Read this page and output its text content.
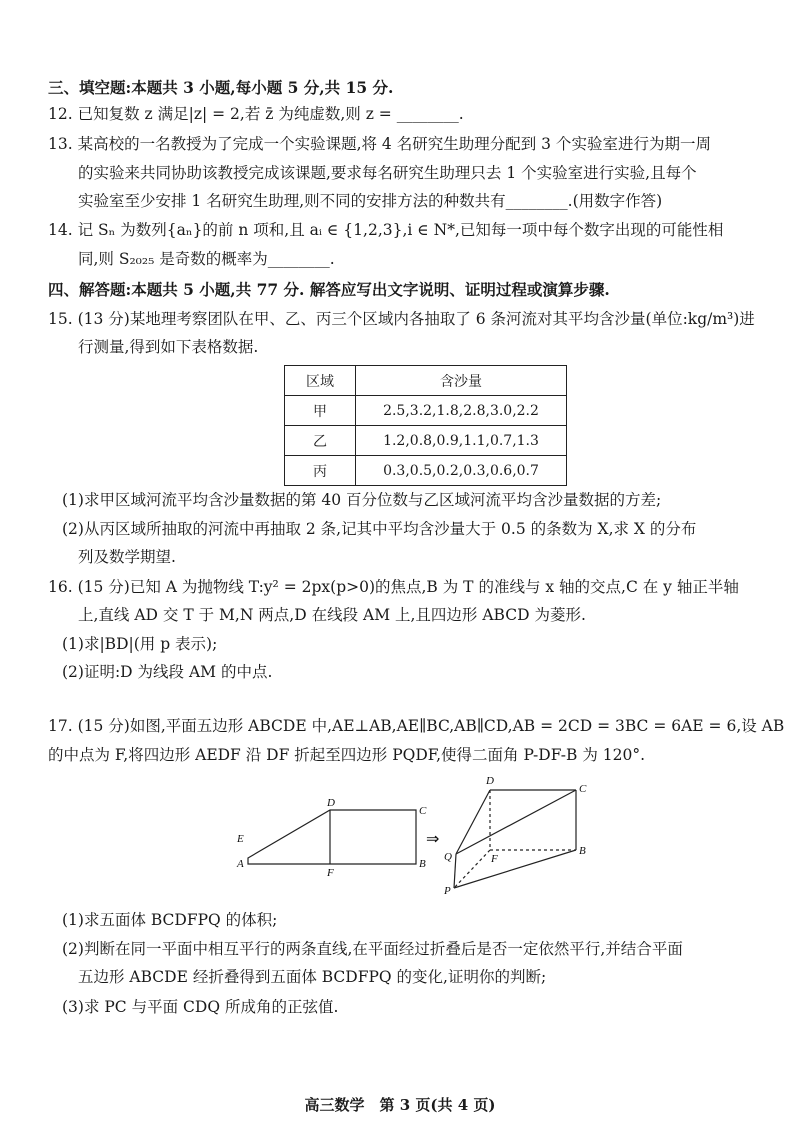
三、填空题:本题共 3 小题,每小题 5 分,共 15 分.
12. 已知复数 z 满足|z| = 2,若 z̄ 为纯虚数,则 z = ________.
13. 某高校的一名教授为了完成一个实验课题,将 4 名研究生助理分配到 3 个实验室进行为期一周
的实验来共同协助该教授完成该课题,要求每名研究生助理只去 1 个实验室进行实验,且每个
实验室至少安排 1 名研究生助理,则不同的安排方法的种数共有________.(用数字作答)
14. 记 Sₙ 为数列{aₙ}的前 n 项和,且 aᵢ ∈ {1,2,3},i ∈ N*,已知每一项中每个数字出现的可能性相
同,则 S₂₀₂₅ 是奇数的概率为________.
四、解答题:本题共 5 小题,共 77 分. 解答应写出文字说明、证明过程或演算步骤.
15. (13 分)某地理考察团队在甲、乙、丙三个区域内各抽取了 6 条河流对其平均含沙量(单位:kg/m³)进
行测量,得到如下表格数据.
区域	含沙量
甲	2.5,3.2,1.8,2.8,3.0,2.2
乙	1.2,0.8,0.9,1.1,0.7,1.3
丙	0.3,0.5,0.2,0.3,0.6,0.7
(1)求甲区域河流平均含沙量数据的第 40 百分位数与乙区域河流平均含沙量数据的方差;
(2)从丙区域所抽取的河流中再抽取 2 条,记其中平均含沙量大于 0.5 的条数为 X,求 X 的分布
列及数学期望.
16. (15 分)已知 A 为抛物线 T:y² = 2px(p>0)的焦点,B 为 T 的准线与 x 轴的交点,C 在 y 轴正半轴
上,直线 AD 交 T 于 M,N 两点,D 在线段 AM 上,且四边形 ABCD 为菱形.
(1)求|BD|(用 p 表示);
(2)证明:D 为线段 AM 的中点.
17. (15 分)如图,平面五边形 ABCDE 中,AE⊥AB,AE∥BC,AB∥CD,AB = 2CD = 3BC = 6AE = 6,设 AB
的中点为 F,将四边形 AEDF 沿 DF 折起至四边形 PQDF,使得二面角 P-DF-B 为 120°.
D
C
E
A
F
B
⇒
D
C
Q	F
B
P
(1)求五面体 BCDFPQ 的体积;
(2)判断在同一平面中相互平行的两条直线,在平面经过折叠后是否一定依然平行,并结合平面
五边形 ABCDE 经折叠得到五面体 BCDFPQ 的变化,证明你的判断;
(3)求 PC 与平面 CDQ 所成角的正弦值.
高三数学　第 3 页(共 4 页)
